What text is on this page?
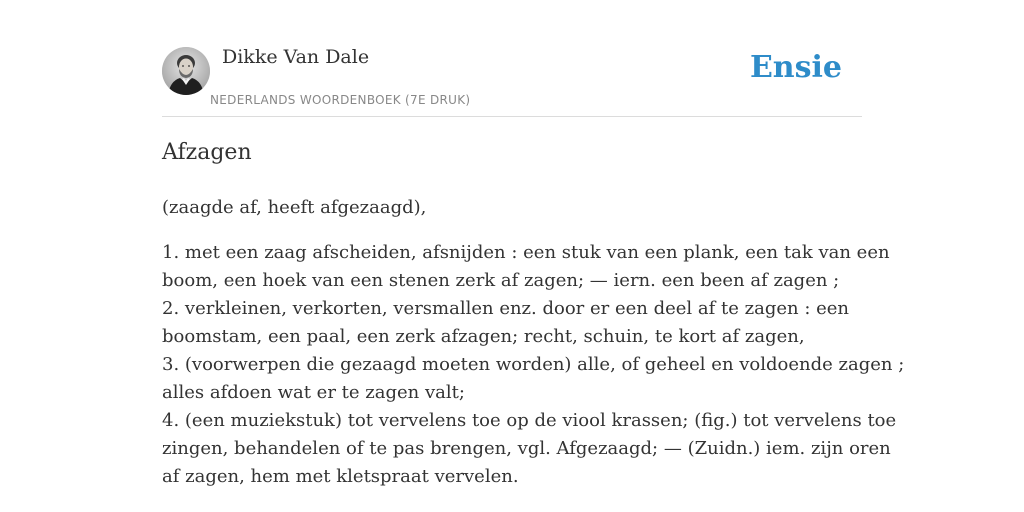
Dikke Van Dale
NEDERLANDS WOORDENBOEK (7E DRUK)
Ensie
Afzagen

(zaagde af, heeft afgezaagd),

1. met een zaag afscheiden, afsnijden : een stuk van een plank, een tak van een
boom, een hoek van een stenen zerk af zagen; — iern. een been af zagen ;
2. verkleinen, verkorten, versmallen enz. door er een deel af te zagen : een
boomstam, een paal, een zerk afzagen; recht, schuin, te kort af zagen,
3. (voorwerpen die gezaagd moeten worden) alle, of geheel en voldoende zagen ;
alles afdoen wat er te zagen valt;
4. (een muziekstuk) tot vervelens toe op de viool krassen; (fig.) tot vervelens toe
zingen, behandelen of te pas brengen, vgl. Afgezaagd; — (Zuidn.) iem. zijn oren
af zagen, hem met kletspraat vervelen.
